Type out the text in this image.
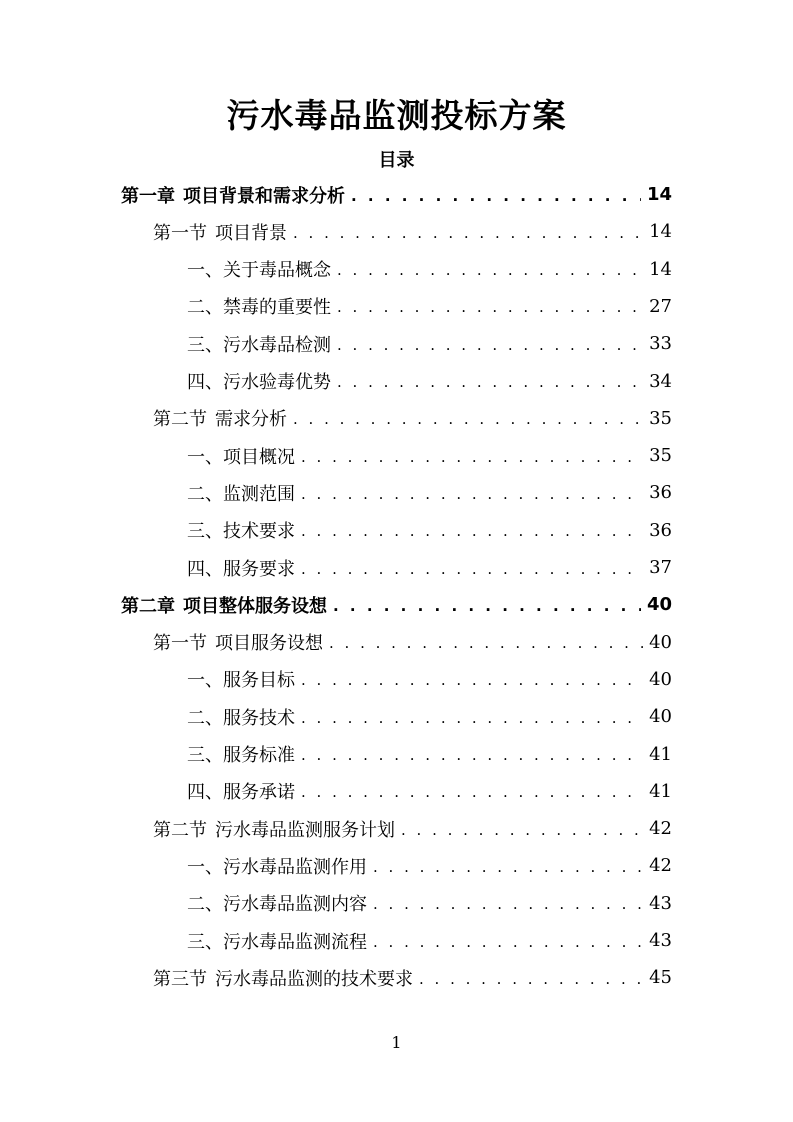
污水毒品监测投标方案
目录
第一章 项目背景和需求分析 . . .	14
第一节 项目背景 . . .	14
一、关于毒品概念 . . .	14
二、禁毒的重要性 . . .	27
三、污水毒品检测 . . .	33
四、污水验毒优势 . . .	34
第二节 需求分析 . . .	35
一、项目概况 . . .	35
二、监测范围 . . .	36
三、技术要求 . . .	36
四、服务要求 . . .	37
第二章 项目整体服务设想 . . .	40
第一节 项目服务设想 . . .	40
一、服务目标 . . .	40
二、服务技术 . . .	40
三、服务标准 . . .	41
四、服务承诺 . . .	41
第二节 污水毒品监测服务计划 . . .	42
一、污水毒品监测作用 . . .	42
二、污水毒品监测内容 . . .	43
三、污水毒品监测流程 . . .	43
第三节 污水毒品监测的技术要求 . . .	45
1
